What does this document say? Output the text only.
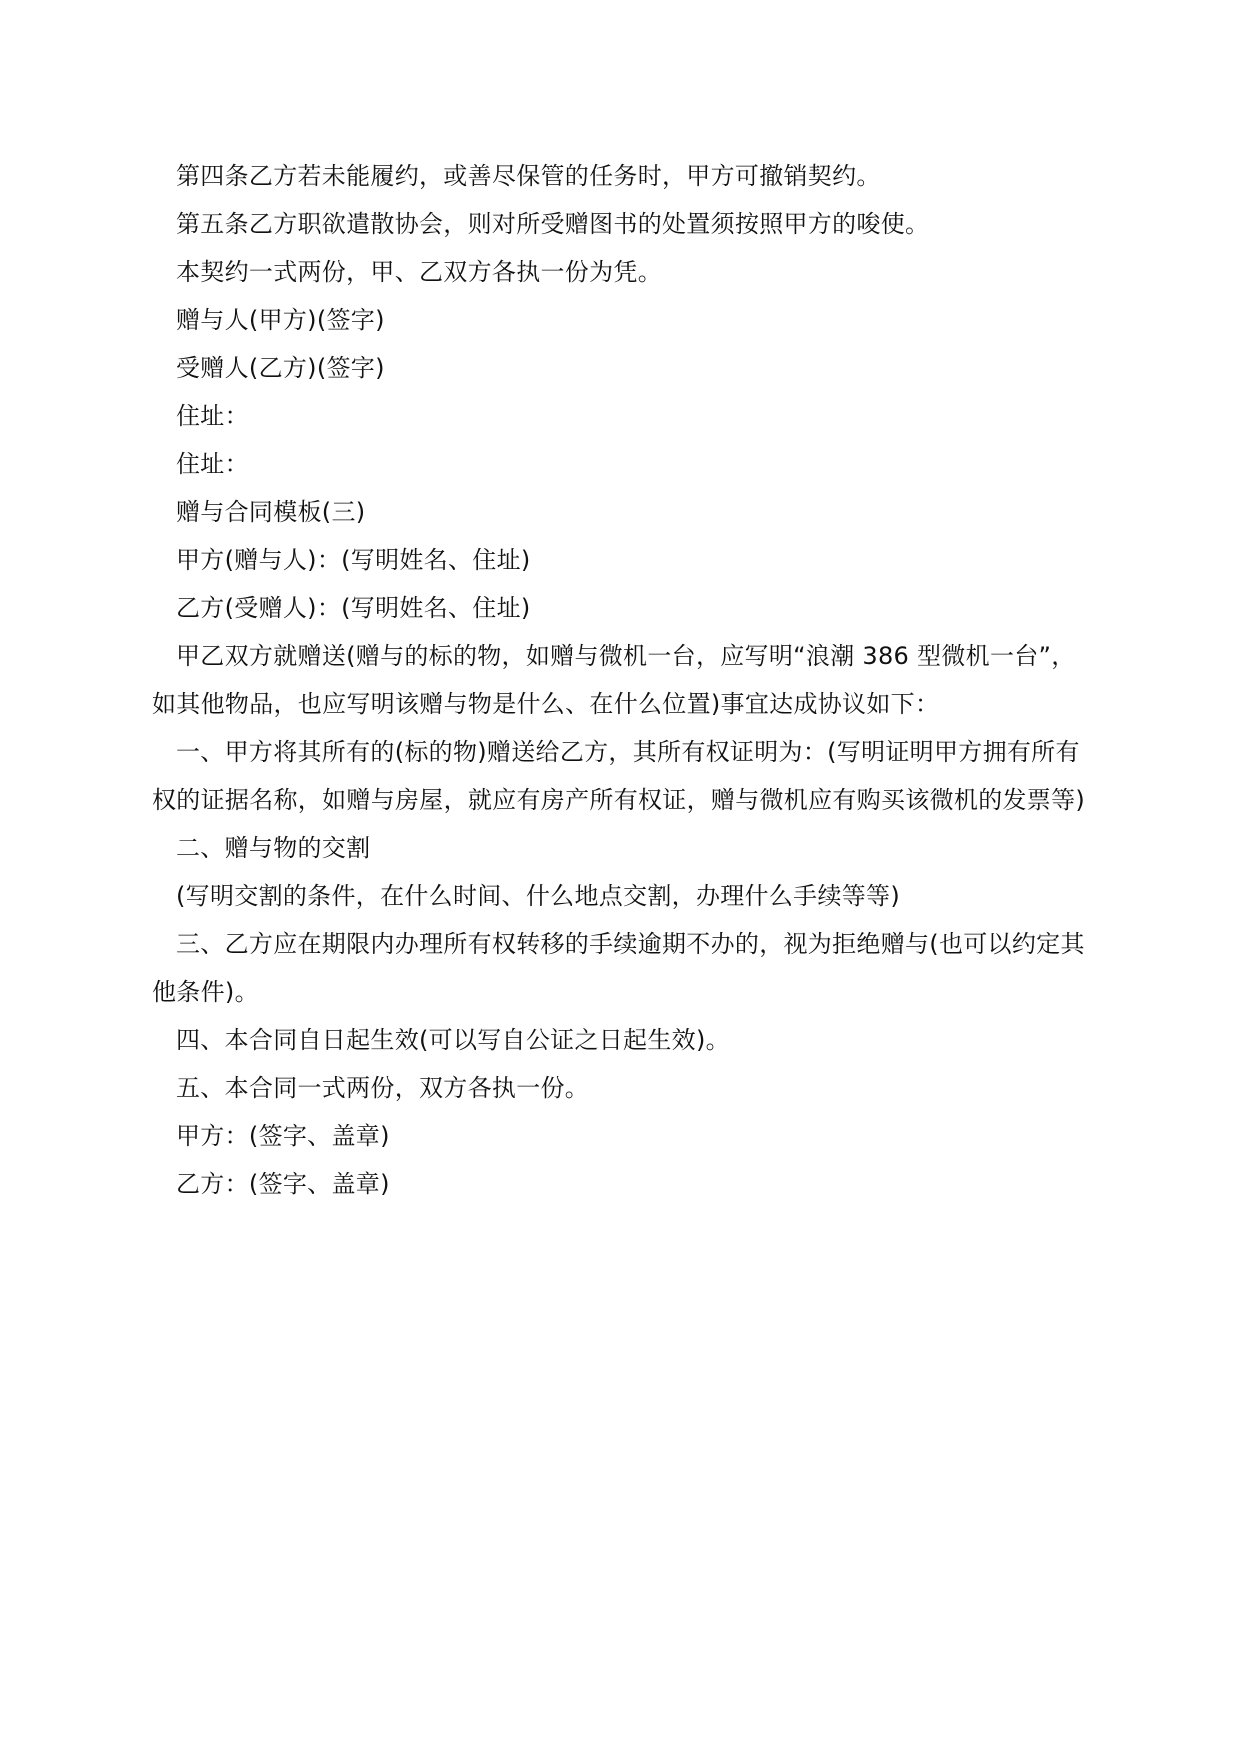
第四条乙方若未能履约，或善尽保管的任务时，甲方可撤销契约。

第五条乙方职欲遣散协会，则对所受赠图书的处置须按照甲方的唆使。

本契约一式两份，甲、乙双方各执一份为凭。

赠与人(甲方)(签字)

受赠人(乙方)(签字)

住址：

住址：

赠与合同模板(三)

甲方(赠与人)：(写明姓名、住址)

乙方(受赠人)：(写明姓名、住址)

甲乙双方就赠送(赠与的标的物，如赠与微机一台，应写明“浪潮 386 型微机一台”，如其他物品，也应写明该赠与物是什么、在什么位置)事宜达成协议如下：

一、甲方将其所有的(标的物)赠送给乙方，其所有权证明为：(写明证明甲方拥有所有权的证据名称，如赠与房屋，就应有房产所有权证，赠与微机应有购买该微机的发票等)

二、赠与物的交割

(写明交割的条件，在什么时间、什么地点交割，办理什么手续等等)

三、乙方应在期限内办理所有权转移的手续逾期不办的，视为拒绝赠与(也可以约定其他条件)。

四、本合同自日起生效(可以写自公证之日起生效)。

五、本合同一式两份，双方各执一份。

甲方：(签字、盖章)

乙方：(签字、盖章)
